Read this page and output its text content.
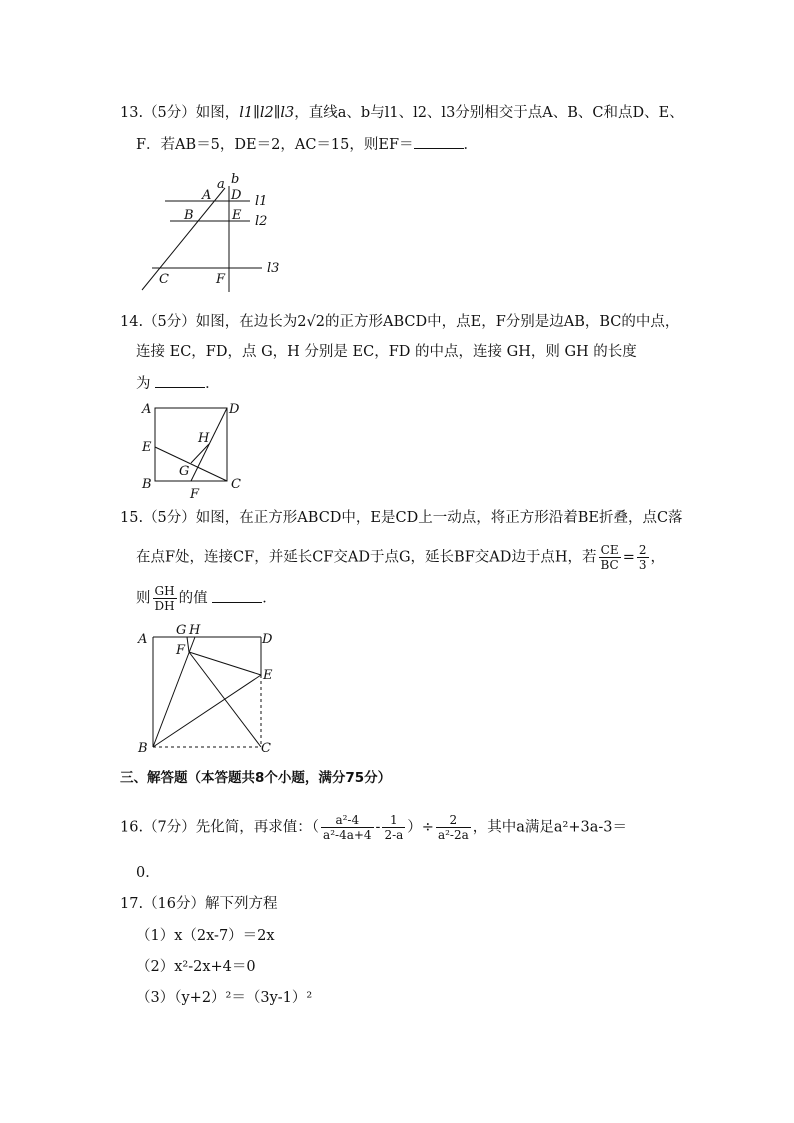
13.（5分）如图，l1∥l2∥l3，直线a、b与l1、l2、l3分别相交于点A、B、C和点D、E、
F．若AB＝5，DE＝2，AC＝15，则EF＝	．
a b
A D l1
B	E l2
l3
C	F
14.（5分）如图，在边长为2√2的正方形ABCD中，点E，F分别是边AB，BC的中点，
连接 EC，FD，点 G，H 分别是 EC，FD 的中点，连接 GH，则 GH 的长度
为	．
A	D
E
H
G
B	C
F
15.（5分）如图，在正方形ABCD中，E是CD上一动点，将正方形沿着BE折叠，点C落
在点F处，连接CF，并延长CF交AD于点G，延长BF交AD边于点H，若 $\frac{CE}{BC} = \frac{2}{3}$ ，
则 $\frac{GH}{DH}$ 的值	．
A
G H
D
F
E
B	C
三、解答题（本答题共8个小题，满分75分）
16.（7分）先化简，再求值：（ $\frac{\text{a²-4}}{\text{a²-4a+4}} - \frac{1}{2-a}$ ）÷ $\frac{2}{\text{a²-2a}}$ ，其中a满足a²+3a-3＝
0．
17.（16分）解下列方程
（1）x（2x-7）＝2x
（2）x²-2x+4＝0
（3）（y+2）²＝（3y-1）²
